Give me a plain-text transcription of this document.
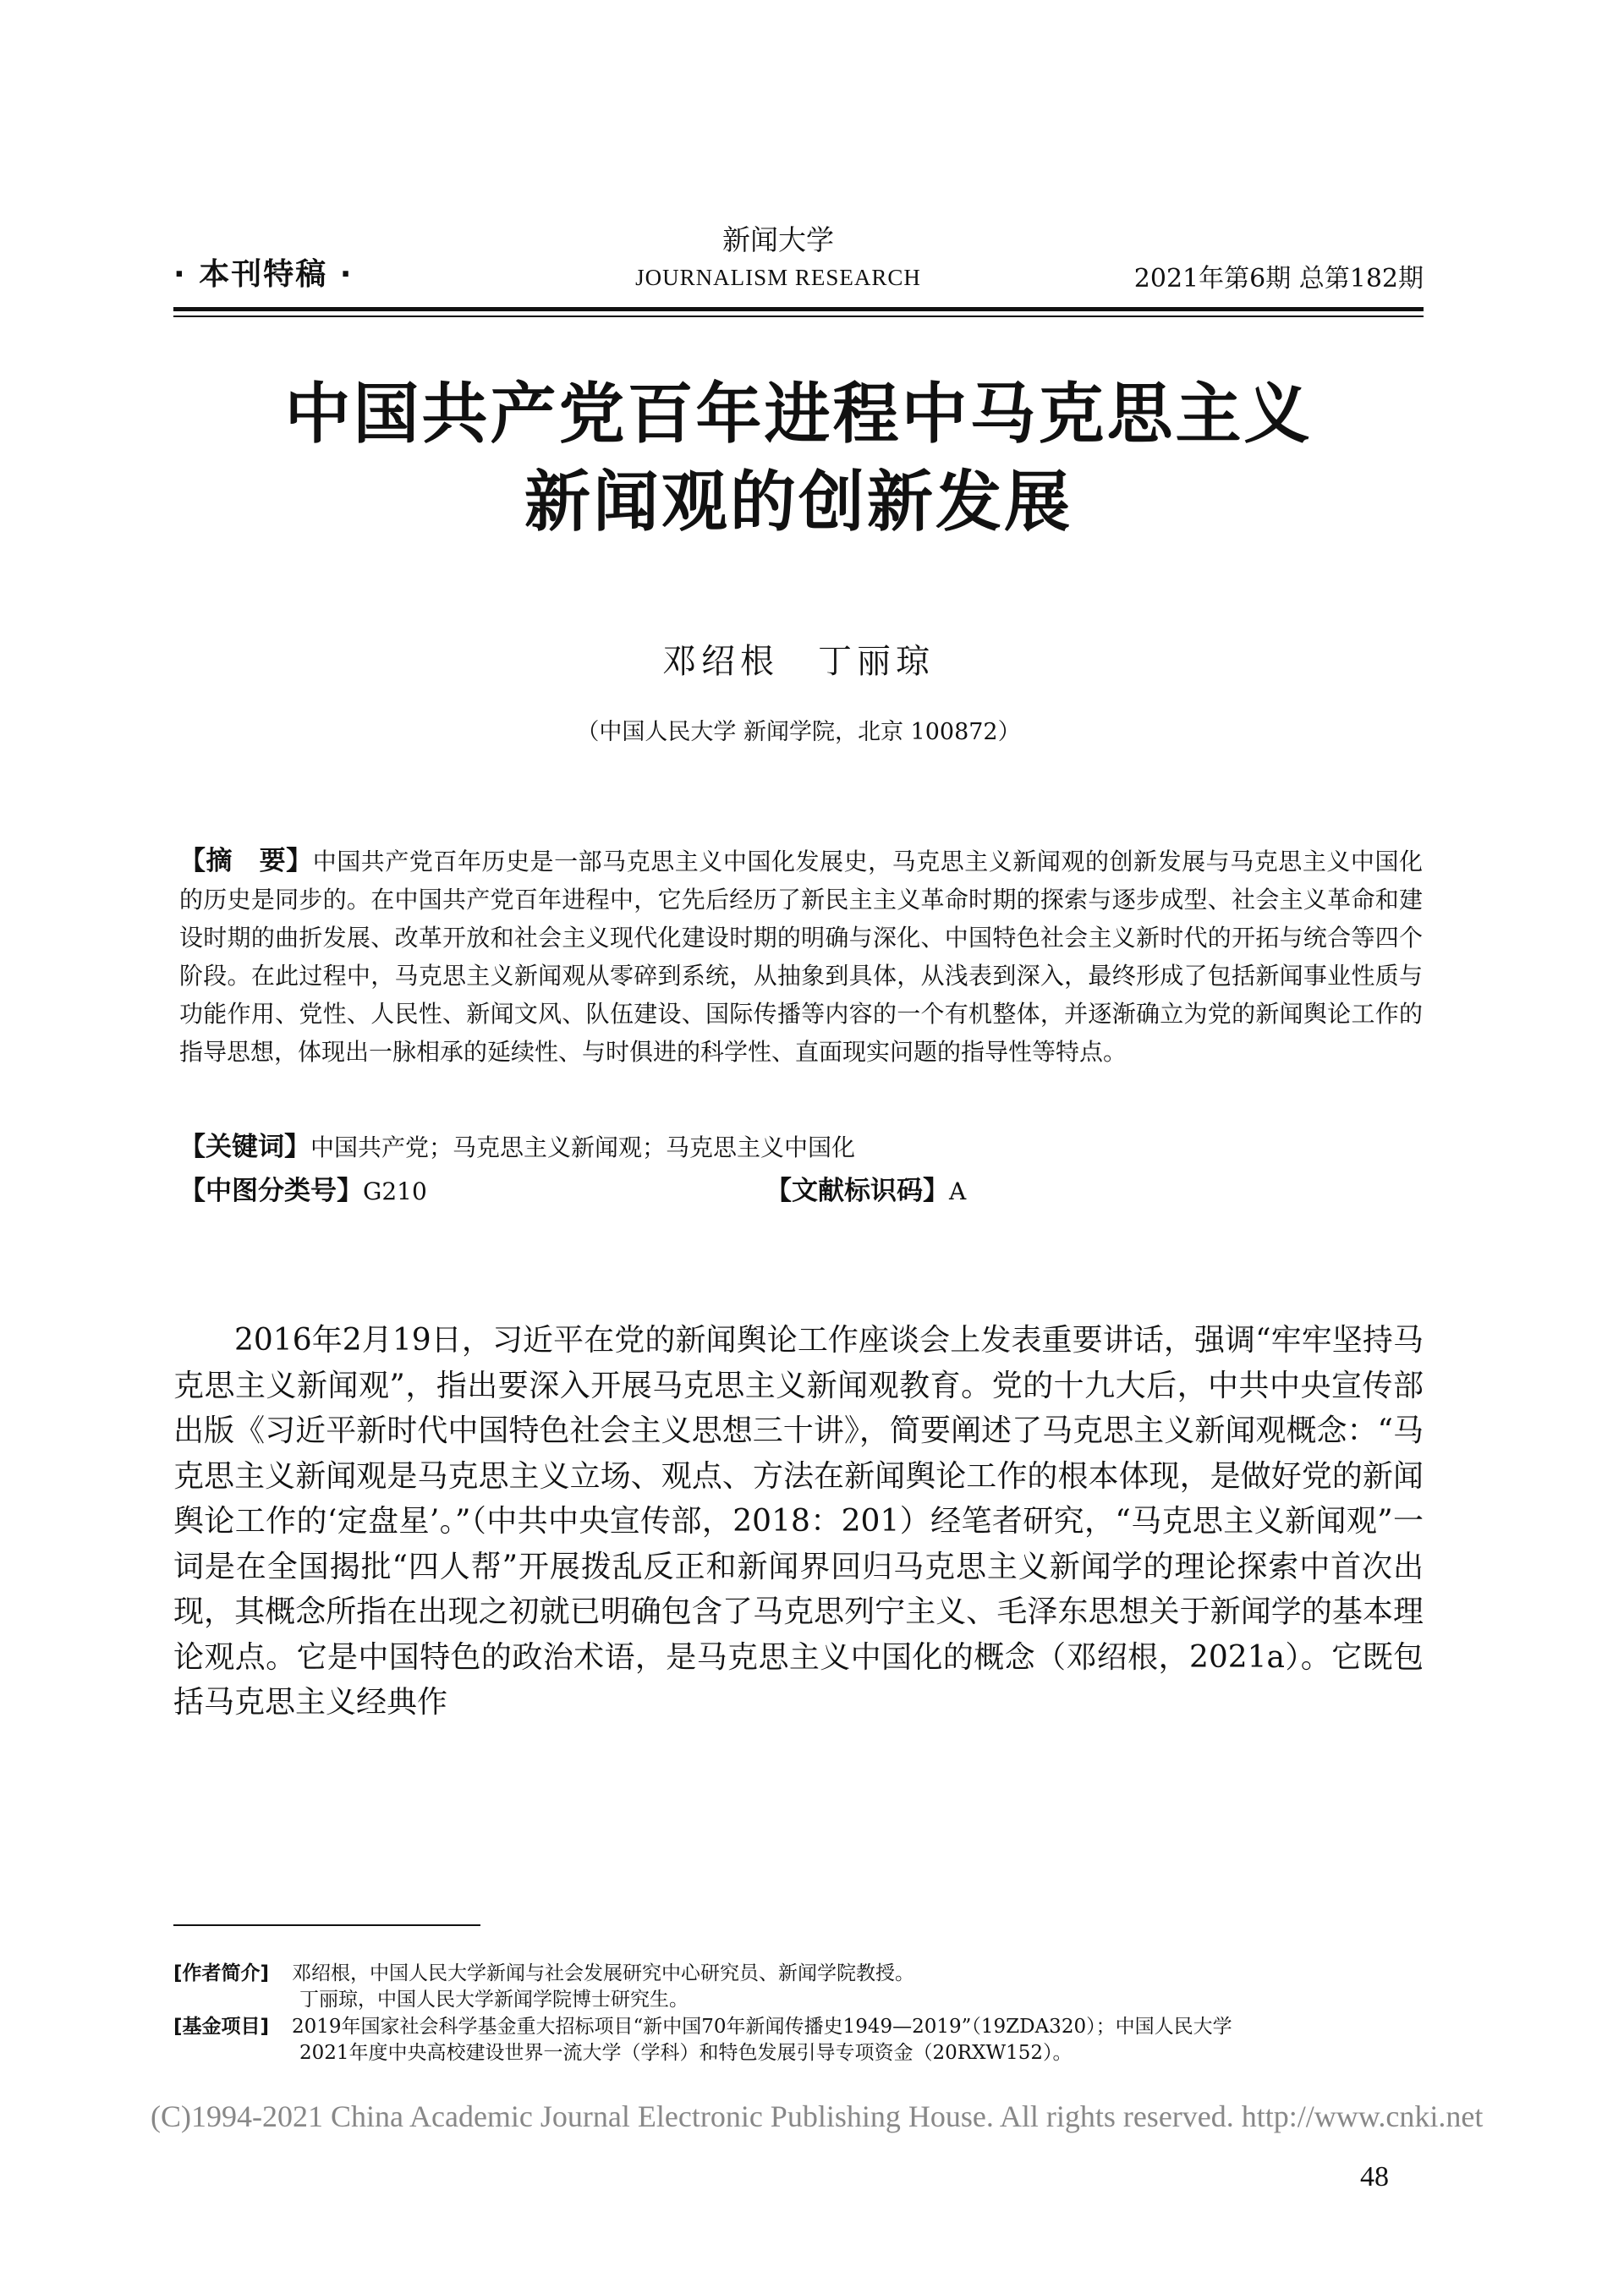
· 本刊特稿 ·
新闻大学
JOURNALISM RESEARCH	2021年第6期 总第182期
中国共产党百年进程中马克思主义
新闻观的创新发展
邓绍根　丁丽琼
（中国人民大学 新闻学院，北京 100872）
【摘　要】中国共产党百年历史是一部马克思主义中国化发展史，马克思主义新闻观的创新发展与马克思主义中国化的历史是同步的。在中国共产党百年进程中，它先后经历了新民主主义革命时期的探索与逐步成型、社会主义革命和建设时期的曲折发展、改革开放和社会主义现代化建设时期的明确与深化、中国特色社会主义新时代的开拓与统合等四个阶段。在此过程中，马克思主义新闻观从零碎到系统，从抽象到具体，从浅表到深入，最终形成了包括新闻事业性质与功能作用、党性、人民性、新闻文风、队伍建设、国际传播等内容的一个有机整体，并逐渐确立为党的新闻舆论工作的指导思想，体现出一脉相承的延续性、与时俱进的科学性、直面现实问题的指导性等特点。
【关键词】中国共产党；马克思主义新闻观；马克思主义中国化
【中图分类号】G210	【文献标识码】A

2016年2月19日，习近平在党的新闻舆论工作座谈会上发表重要讲话，强调“牢牢坚持马克思主义新闻观”，指出要深入开展马克思主义新闻观教育。党的十九大后，中共中央宣传部出版《习近平新时代中国特色社会主义思想三十讲》，简要阐述了马克思主义新闻观概念：“马克思主义新闻观是马克思主义立场、观点、方法在新闻舆论工作的根本体现，是做好党的新闻舆论工作的‘定盘星’。”（中共中央宣传部，2018：201）经笔者研究，“马克思主义新闻观”一词是在全国揭批“四人帮”开展拨乱反正和新闻界回归马克思主义新闻学的理论探索中首次出现，其概念所指在出现之初就已明确包含了马克思列宁主义、毛泽东思想关于新闻学的基本理论观点。它是中国特色的政治术语，是马克思主义中国化的概念（邓绍根，2021a）。它既包括马克思主义经典作

[作者简介] 邓绍根，中国人民大学新闻与社会发展研究中心研究员、新闻学院教授。
丁丽琼，中国人民大学新闻学院博士研究生。
[基金项目] 2019年国家社会科学基金重大招标项目“新中国70年新闻传播史1949—2019”（19ZDA320）；中国人民大学
2021年度中央高校建设世界一流大学（学科）和特色发展引导专项资金（20RXW152）。
(C)1994-2021 China Academic Journal Electronic Publishing House. All rights reserved. http://www.cnki.net
48
